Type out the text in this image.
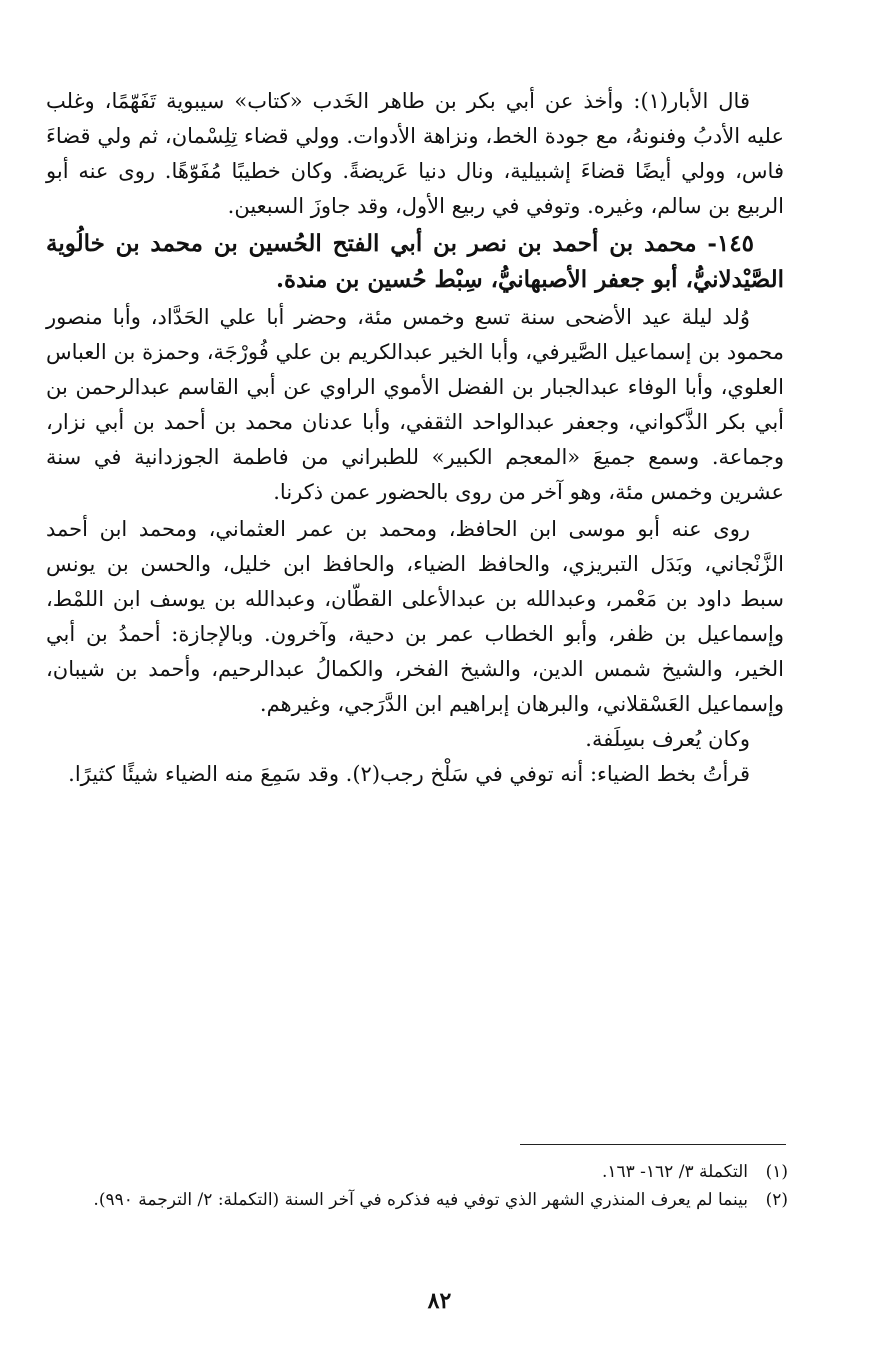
قال الأبار(١): وأخذ عن أبي بكر بن طاهر الخَدب «كتاب» سيبوية تَفَهّمًا، وغلب عليه الأدبُ وفنونهُ، مع جودة الخط، ونزاهة الأدوات. وولي قضاء تِلِسْمان، ثم ولي قضاءَ فاس، وولي أيضًا قضاءَ إشبيلية، ونال دنيا عَريضةً. وكان خطيبًا مُفَوّهًا. روى عنه أبو الربيع بن سالم، وغيره. وتوفي في ربيع الأول، وقد جاوزَ السبعين.

١٤٥- محمد بن أحمد بن نصر بن أبي الفتح الحُسين بن محمد بن خالُوية الصَّيْدلانيُّ، أبو جعفر الأصبهانيُّ، سِبْط حُسين بن مندة.

وُلد ليلة عيد الأضحى سنة تسع وخمس مئة، وحضر أبا علي الحَدَّاد، وأبا منصور محمود بن إسماعيل الصَّيرفي، وأبا الخير عبدالكريم بن علي فُورْجَة، وحمزة بن العباس العلوي، وأبا الوفاء عبدالجبار بن الفضل الأموي الراوي عن أبي القاسم عبدالرحمن بن أبي بكر الذَّكواني، وجعفر عبدالواحد الثقفي، وأبا عدنان محمد بن أحمد بن أبي نزار، وجماعة. وسمع جميعَ «المعجم الكبير» للطبراني من فاطمة الجوزدانية في سنة عشرين وخمس مئة، وهو آخر من روى بالحضور عمن ذكرنا.

روى عنه أبو موسى ابن الحافظ، ومحمد بن عمر العثماني، ومحمد ابن أحمد الزَّنْجاني، وبَدَل التبريزي، والحافظ الضياء، والحافظ ابن خليل، والحسن بن يونس سبط داود بن مَعْمر، وعبدالله بن عبدالأعلى القطّان، وعبدالله بن يوسف ابن اللمْط، وإسماعيل بن ظفر، وأبو الخطاب عمر بن دحية، وآخرون. وبالإجازة: أحمدُ بن أبي الخير، والشيخ شمس الدين، والشيخ الفخر، والكمالُ عبدالرحيم، وأحمد بن شيبان، وإسماعيل العَسْقلاني، والبرهان إبراهيم ابن الدَّرَجي، وغيرهم.

وكان يُعرف بسِلَفة.

قرأتُ بخط الضياء: أنه توفي في سَلْخ رجب(٢). وقد سَمِعَ منه الضياء شيئًا كثيرًا.

(١)
التكملة ٣/ ١٦٢- ١٦٣.
(٢)
بينما لم يعرف المنذري الشهر الذي توفي فيه فذكره في آخر السنة (التكملة: ٢/ الترجمة ٩٩٠).
٨٢
